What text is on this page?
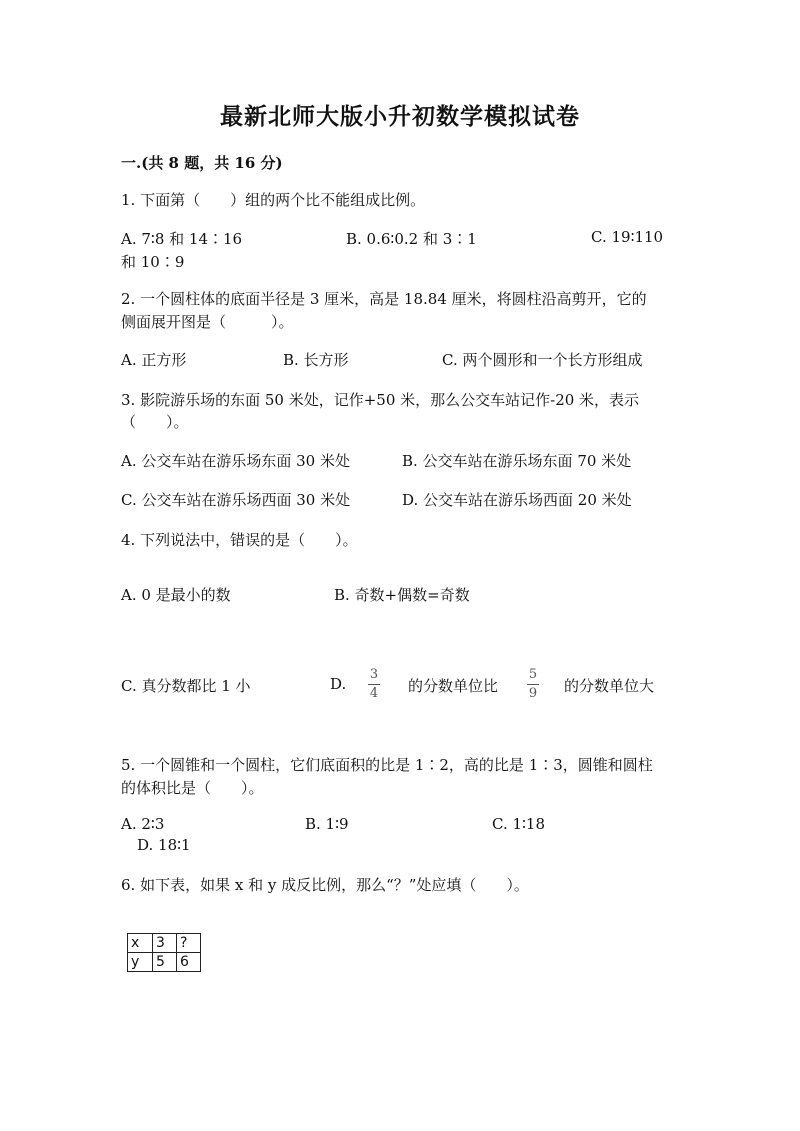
最新北师大版小升初数学模拟试卷
一.(共 8 题，共 16 分)
1. 下面第（　　）组的两个比不能组成比例。
A. 7∶8 和 14∶16	B. 0.6∶0.2 和 3∶1	C. 19∶110
和 10∶9
2. 一个圆柱体的底面半径是 3 厘米，高是 18.84 厘米，将圆柱沿高剪开，它的
侧面展开图是（　　　）。
A. 正方形	B. 长方形	C. 两个圆形和一个长方形组成
3. 影院游乐场的东面 50 米处，记作+50 米，那么公交车站记作-20 米，表示
（　　）。
A. 公交车站在游乐场东面 30 米处	B. 公交车站在游乐场东面 70 米处
C. 公交车站在游乐场西面 30 米处	D. 公交车站在游乐场西面 20 米处
4. 下列说法中，错误的是（　　）。
A. 0 是最小的数	B. 奇数+偶数=奇数
C. 真分数都比 1 小	D.
3
4 的分数单位比
5
9 的分数单位大
5. 一个圆锥和一个圆柱，它们底面积的比是 1∶2，高的比是 1∶3，圆锥和圆柱
的体积比是（　　）。
A. 2∶3	B. 1∶9	C. 1∶18
D. 18∶1
6. 如下表，如果 x 和 y 成反比例，那么“？”处应填（　　）。
x	3	?
y	5	6
